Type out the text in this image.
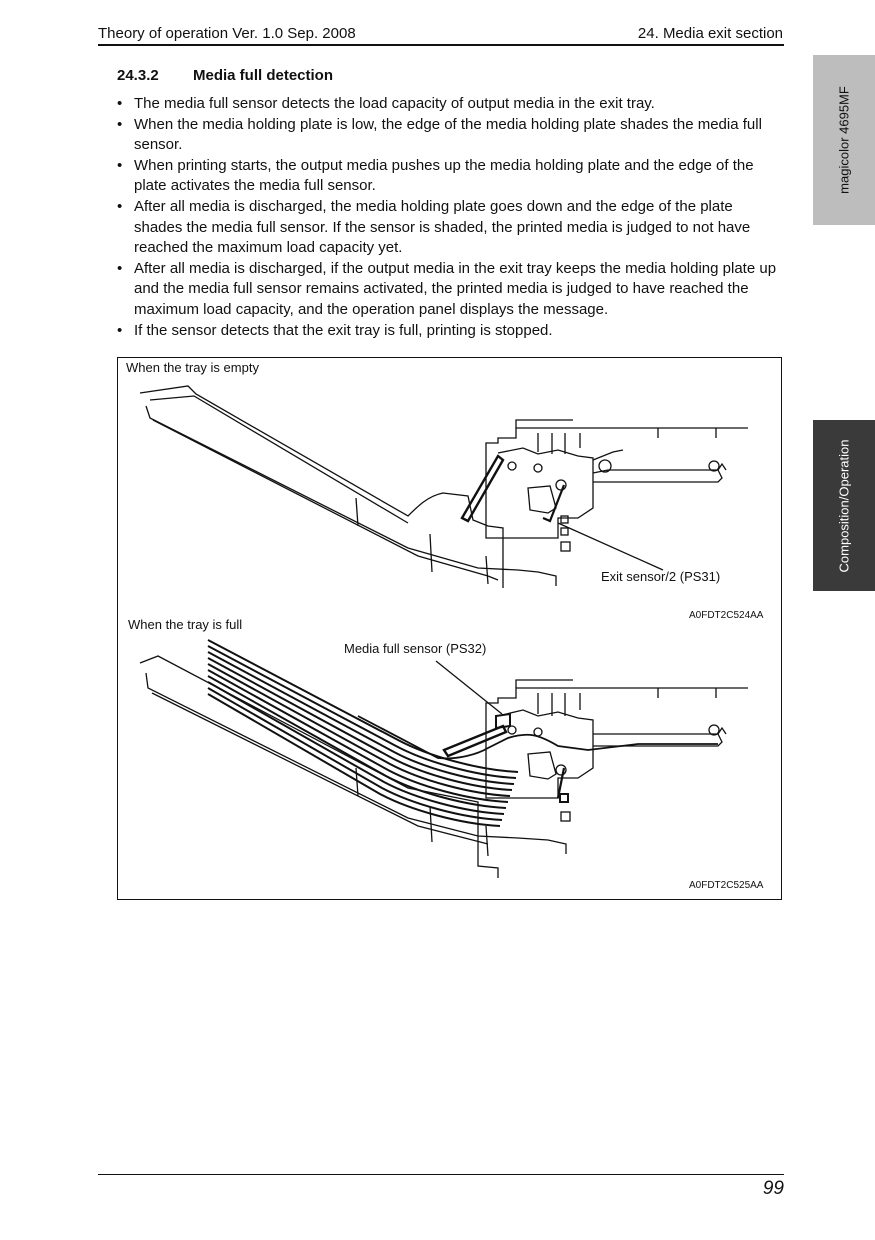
Theory of operation Ver. 1.0 Sep. 2008	24. Media exit section
magicolor 4695MF
Composition/Operation
24.3.2 Media full detection
• The media full sensor detects the load capacity of output media in the exit tray.
• When the media holding plate is low, the edge of the media holding plate shades the media full sensor.
• When printing starts, the output media pushes up the media holding plate and the edge of the plate activates the media full sensor.
• After all media is discharged, the media holding plate goes down and the edge of the plate shades the media full sensor. If the sensor is shaded, the printed media is judged to not have reached the maximum load capacity yet.
• After all media is discharged, if the output media in the exit tray keeps the media holding plate up and the media full sensor remains activated, the printed media is judged to have reached the maximum load capacity, and the operation panel displays the message.
• If the sensor detects that the exit tray is full, printing is stopped.
When the tray is empty
Exit sensor/2 (PS31)
A0FDT2C524AA
When the tray is full
Media full sensor (PS32)
A0FDT2C525AA
99
